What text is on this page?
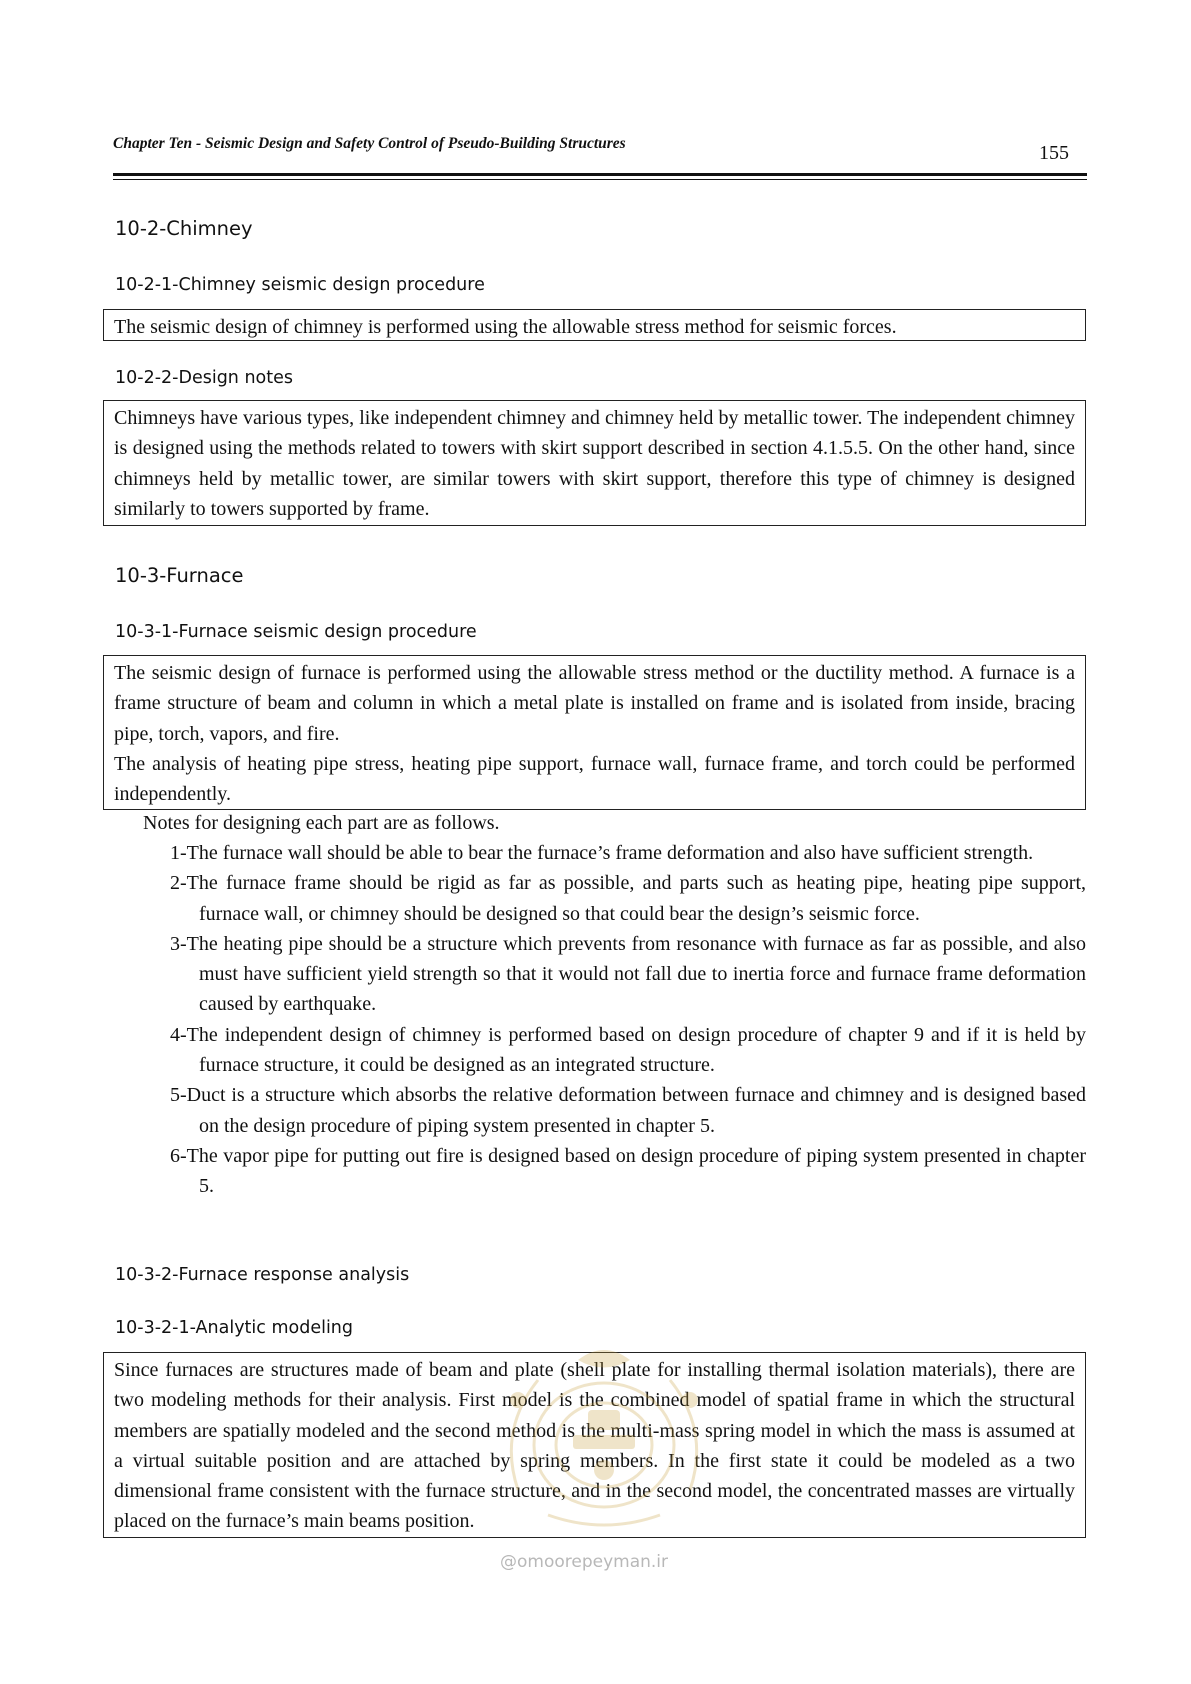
Chapter Ten - Seismic Design and Safety Control of Pseudo-Building Structures	155
10-2-Chimney
10-2-1-Chimney seismic design procedure

The seismic design of chimney is performed using the allowable stress method for seismic forces.

10-2-2-Design notes

Chimneys have various types, like independent chimney and chimney held by metallic tower. The independent chimney is designed using the methods related to towers with skirt support described in section 4.1.5.5. On the other hand, since chimneys held by metallic tower, are similar towers with skirt support, therefore this type of chimney is designed similarly to towers supported by frame.

10-3-Furnace
10-3-1-Furnace seismic design procedure

The seismic design of furnace is performed using the allowable stress method or the ductility method. A furnace is a frame structure of beam and column in which a metal plate is installed on frame and is isolated from inside, bracing pipe, torch, vapors, and fire.

The analysis of heating pipe stress, heating pipe support, furnace wall, furnace frame, and torch could be performed independently.

Notes for designing each part are as follows.
1-The furnace wall should be able to bear the furnace’s frame deformation and also have sufficient strength.
2-The furnace frame should be rigid as far as possible, and parts such as heating pipe, heating pipe support, furnace wall, or chimney should be designed so that could bear the design’s seismic force.
3-The heating pipe should be a structure which prevents from resonance with furnace as far as possible, and also must have sufficient yield strength so that it would not fall due to inertia force and furnace frame deformation caused by earthquake.
4-The independent design of chimney is performed based on design procedure of chapter 9 and if it is held by furnace structure, it could be designed as an integrated structure.
5-Duct is a structure which absorbs the relative deformation between furnace and chimney and is designed based on the design procedure of piping system presented in chapter 5.
6-The vapor pipe for putting out fire is designed based on design procedure of piping system presented in chapter 5.
10-3-2-Furnace response analysis
10-3-2-1-Analytic modeling

Since furnaces are structures made of beam and plate (shell plate for installing thermal isolation materials), there are two modeling methods for their analysis. First model is the combined model of spatial frame in which the structural members are spatially modeled and the second method is the multi-mass spring model in which the mass is assumed at a virtual suitable position and are attached by spring members. In the first state it could be modeled as a two dimensional frame consistent with the furnace structure, and in the second model, the concentrated masses are virtually placed on the furnace’s main beams position.

@omoorepeyman.ir
